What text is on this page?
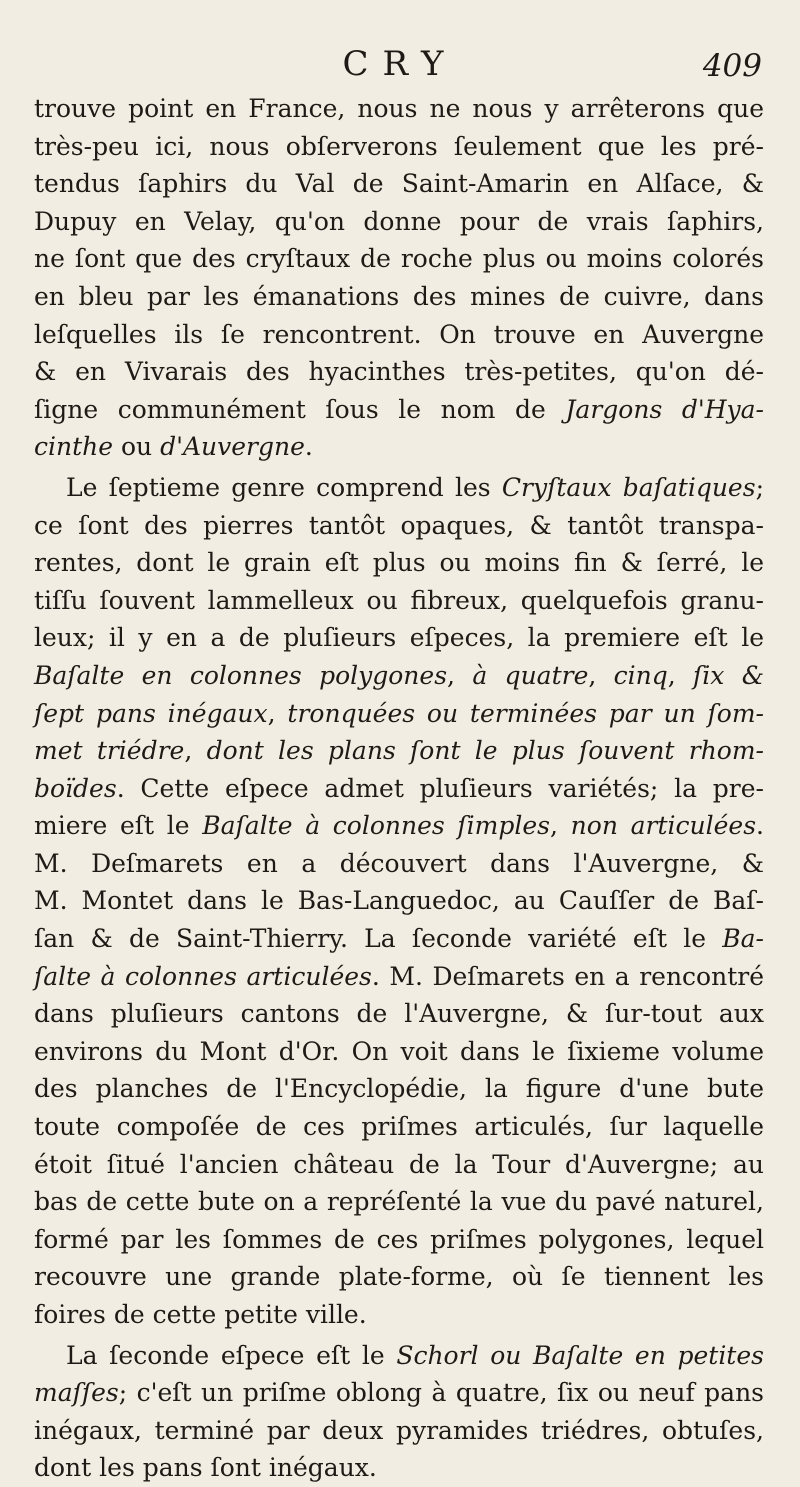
CRY	409
trouve point en France, nous ne nous y arrêterons que
très-peu ici, nous obſerverons ſeulement que les pré-
tendus ſaphirs du Val de Saint-Amarin en Alſace, &
Dupuy en Velay, qu'on donne pour de vrais ſaphirs,
ne ſont que des cryſtaux de roche plus ou moins colorés
en bleu par les émanations des mines de cuivre, dans
leſquelles ils ſe rencontrent. On trouve en Auvergne
& en Vivarais des hyacinthes très-petites, qu'on dé-
ſigne communément ſous le nom de Jargons d'Hya-
cinthe ou d'Auvergne.
Le ſeptieme genre comprend les Cryſtaux baſatiques;
ce ſont des pierres tantôt opaques, & tantôt transpa-
rentes, dont le grain eſt plus ou moins fin & ſerré, le
tiſſu ſouvent lammelleux ou fibreux, quelquefois granu-
leux; il y en a de pluſieurs eſpeces, la premiere eſt le
Baſalte en colonnes polygones, à quatre, cinq, ſix &
ſept pans inégaux, tronquées ou terminées par un ſom-
met triédre, dont les plans ſont le plus ſouvent rhom-
boïdes. Cette eſpece admet pluſieurs variétés; la pre-
miere eſt le Baſalte à colonnes ſimples, non articulées.
M. Deſmarets en a découvert dans l'Auvergne, &
M. Montet dans le Bas-Languedoc, au Cauſſer de Baſ-
ſan & de Saint-Thierry. La ſeconde variété eſt le Ba-
ſalte à colonnes articulées. M. Deſmarets en a rencontré
dans pluſieurs cantons de l'Auvergne, & ſur-tout aux
environs du Mont d'Or. On voit dans le ſixieme volume
des planches de l'Encyclopédie, la figure d'une bute
toute compoſée de ces priſmes articulés, ſur laquelle
étoit ſitué l'ancien château de la Tour d'Auvergne; au
bas de cette bute on a repréſenté la vue du pavé naturel,
formé par les ſommes de ces priſmes polygones, lequel
recouvre une grande plate-forme, où ſe tiennent les
foires de cette petite ville.
La ſeconde eſpece eſt le Schorl ou Baſalte en petites
maſſes; c'eſt un priſme oblong à quatre, ſix ou neuf pans
inégaux, terminé par deux pyramides triédres, obtuſes,
dont les pans ſont inégaux.
